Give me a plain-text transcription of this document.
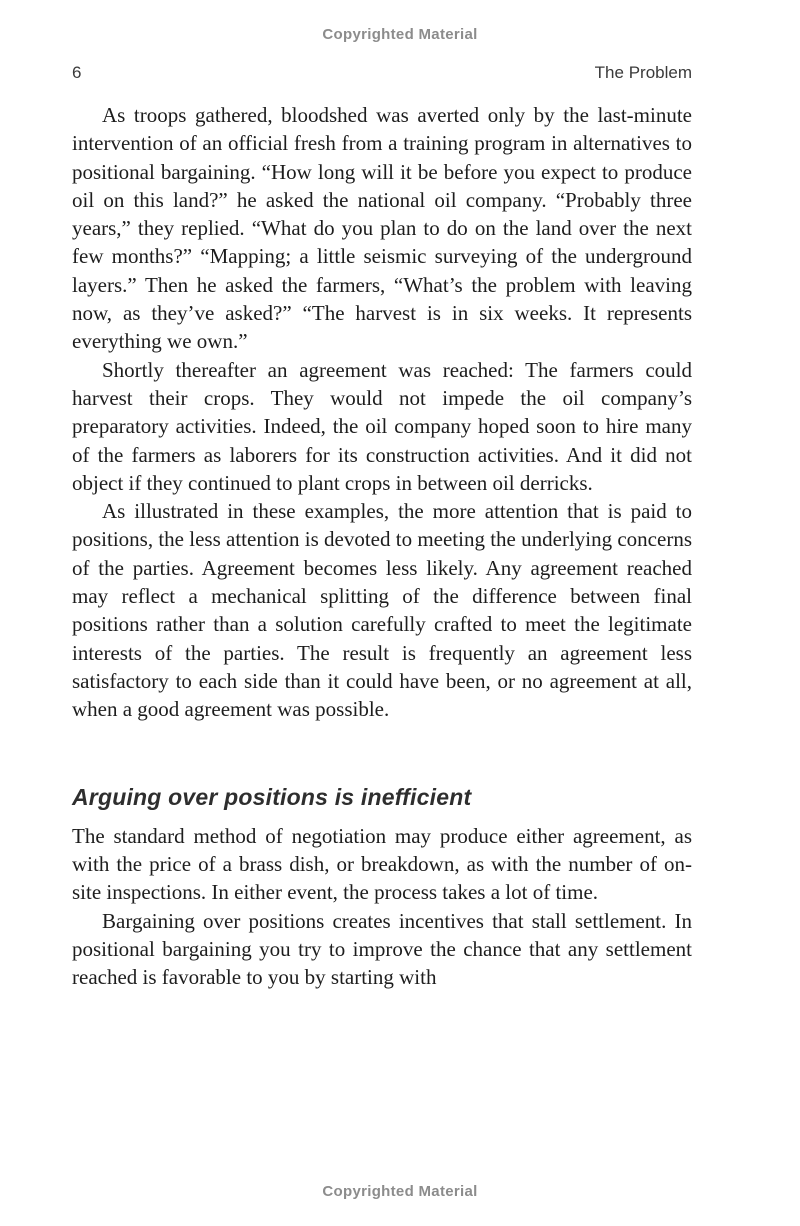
Copyrighted Material
6	The Problem

As troops gathered, bloodshed was averted only by the last-minute intervention of an official fresh from a training program in alternatives to positional bargaining. “How long will it be before you expect to produce oil on this land?” he asked the national oil company. “Probably three years,” they replied. “What do you plan to do on the land over the next few months?” “Mapping; a little seismic surveying of the underground layers.” Then he asked the farmers, “What’s the problem with leaving now, as they’ve asked?” “The harvest is in six weeks. It represents everything we own.”

Shortly thereafter an agreement was reached: The farmers could harvest their crops. They would not impede the oil company’s preparatory activities. Indeed, the oil company hoped soon to hire many of the farmers as laborers for its construction activities. And it did not object if they continued to plant crops in between oil derricks.

As illustrated in these examples, the more attention that is paid to positions, the less attention is devoted to meeting the underlying concerns of the parties. Agreement becomes less likely. Any agreement reached may reflect a mechanical splitting of the difference between final positions rather than a solution carefully crafted to meet the legitimate interests of the parties. The result is frequently an agreement less satisfactory to each side than it could have been, or no agreement at all, when a good agreement was possible.

Arguing over positions is inefficient

The standard method of negotiation may produce either agreement, as with the price of a brass dish, or breakdown, as with the number of on-site inspections. In either event, the process takes a lot of time.

Bargaining over positions creates incentives that stall settlement. In positional bargaining you try to improve the chance that any settlement reached is favorable to you by starting with

Copyrighted Material
